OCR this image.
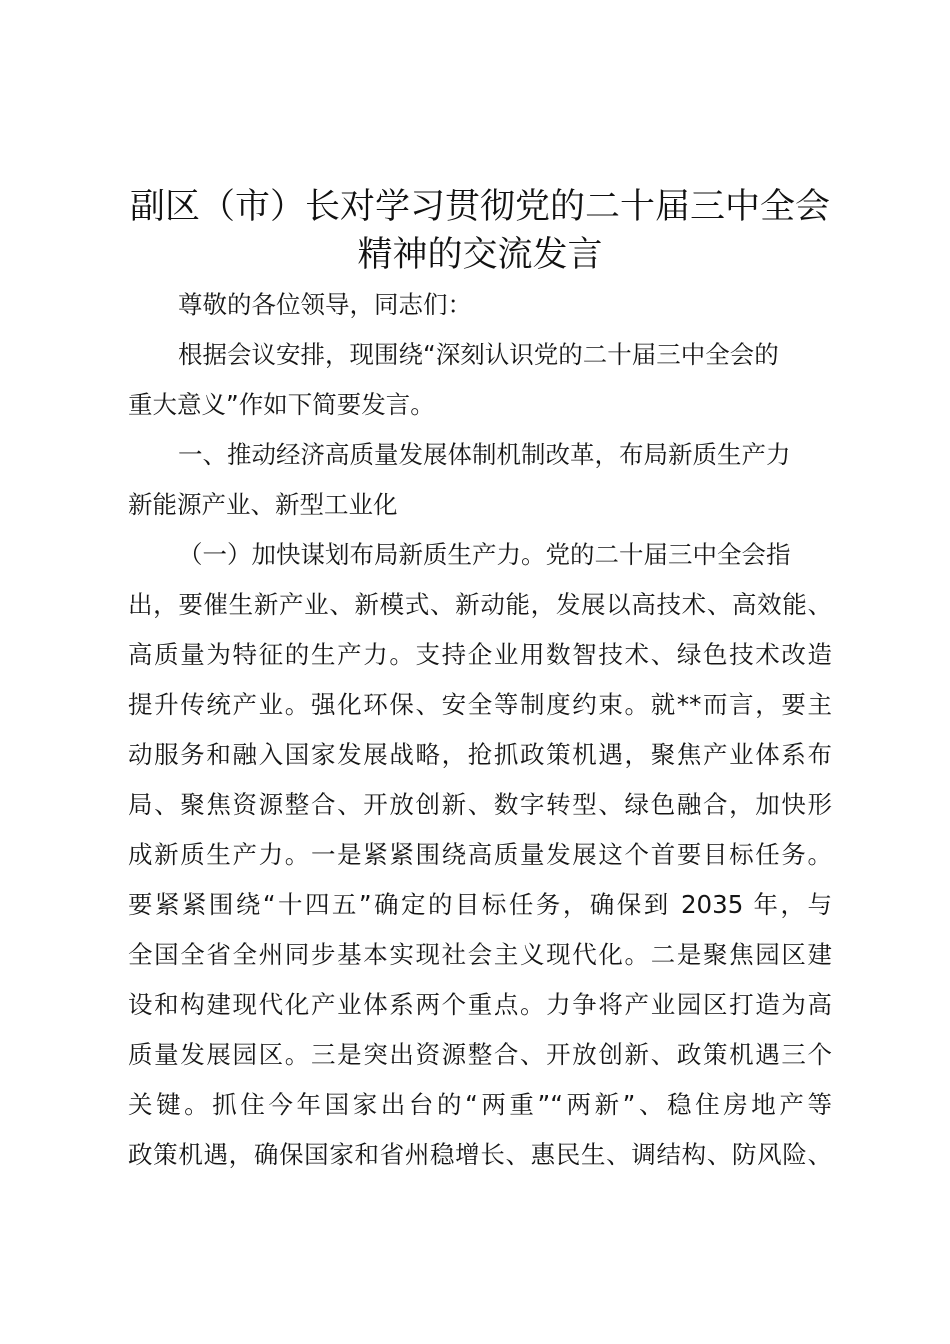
副区（市）长对学习贯彻党的二十届三中全会
精神的交流发言
尊敬的各位领导，同志们：
根据会议安排，现围绕“深刻认识党的二十届三中全会的
重大意义”作如下简要发言。
一、推动经济高质量发展体制机制改革，布局新质生产力
新能源产业、新型工业化
（一）加快谋划布局新质生产力。党的二十届三中全会指
出，要催生新产业、新模式、新动能，发展以高技术、高效能、
高质量为特征的生产力。支持企业用数智技术、绿色技术改造
提升传统产业。强化环保、安全等制度约束。就**而言，要主
动服务和融入国家发展战略，抢抓政策机遇，聚焦产业体系布
局、聚焦资源整合、开放创新、数字转型、绿色融合，加快形
成新质生产力。一是紧紧围绕高质量发展这个首要目标任务。
要紧紧围绕“十四五”确定的目标任务，确保到 2035 年，与
全国全省全州同步基本实现社会主义现代化。二是聚焦园区建
设和构建现代化产业体系两个重点。力争将产业园区打造为高
质量发展园区。三是突出资源整合、开放创新、政策机遇三个
关键。抓住今年国家出台的“两重”“两新”、稳住房地产等
政策机遇，确保国家和省州稳增长、惠民生、调结构、防风险、
